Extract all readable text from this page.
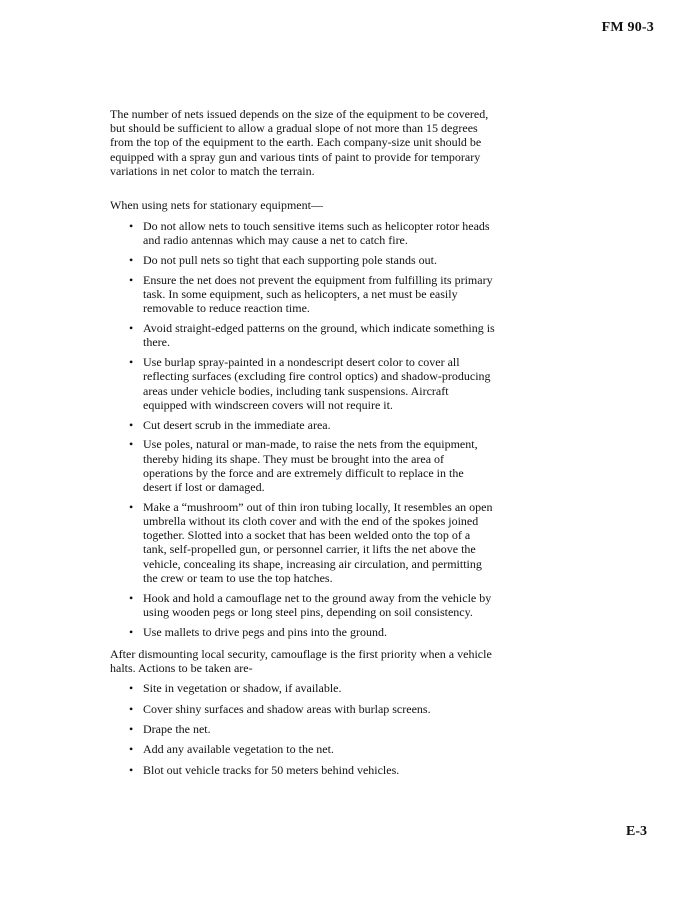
FM 90-3

The number of nets issued depends on the size of the equipment to be covered, but should be sufficient to allow a gradual slope of not more than 15 degrees from the top of the equipment to the earth. Each company-size unit should be equipped with a spray gun and various tints of paint to provide for temporary variations in net color to match the terrain.

When using nets for stationary equipment—

• Do not allow nets to touch sensitive items such as helicopter rotor heads and radio antennas which may cause a net to catch fire.
• Do not pull nets so tight that each supporting pole stands out.
• Ensure the net does not prevent the equipment from fulfilling its primary task. In some equipment, such as helicopters, a net must be easily removable to reduce reaction time.
• Avoid straight-edged patterns on the ground, which indicate something is there.
• Use burlap spray-painted in a nondescript desert color to cover all reflecting surfaces (excluding fire control optics) and shadow-producing areas under vehicle bodies, including tank suspensions. Aircraft equipped with windscreen covers will not require it.
• Cut desert scrub in the immediate area.
• Use poles, natural or man-made, to raise the nets from the equipment, thereby hiding its shape. They must be brought into the area of operations by the force and are extremely difficult to replace in the desert if lost or damaged.
• Make a “mushroom” out of thin iron tubing locally, It resembles an open umbrella without its cloth cover and with the end of the spokes joined together. Slotted into a socket that has been welded onto the top of a tank, self-propelled gun, or personnel carrier, it lifts the net above the vehicle, concealing its shape, increasing air circulation, and permitting the crew or team to use the top hatches.
• Hook and hold a camouflage net to the ground away from the vehicle by using wooden pegs or long steel pins, depending on soil consistency.
• Use mallets to drive pegs and pins into the ground.

After dismounting local security, camouflage is the first priority when a vehicle halts. Actions to be taken are-

• Site in vegetation or shadow, if available.
• Cover shiny surfaces and shadow areas with burlap screens.
• Drape the net.
• Add any available vegetation to the net.
• Blot out vehicle tracks for 50 meters behind vehicles.
E-3
